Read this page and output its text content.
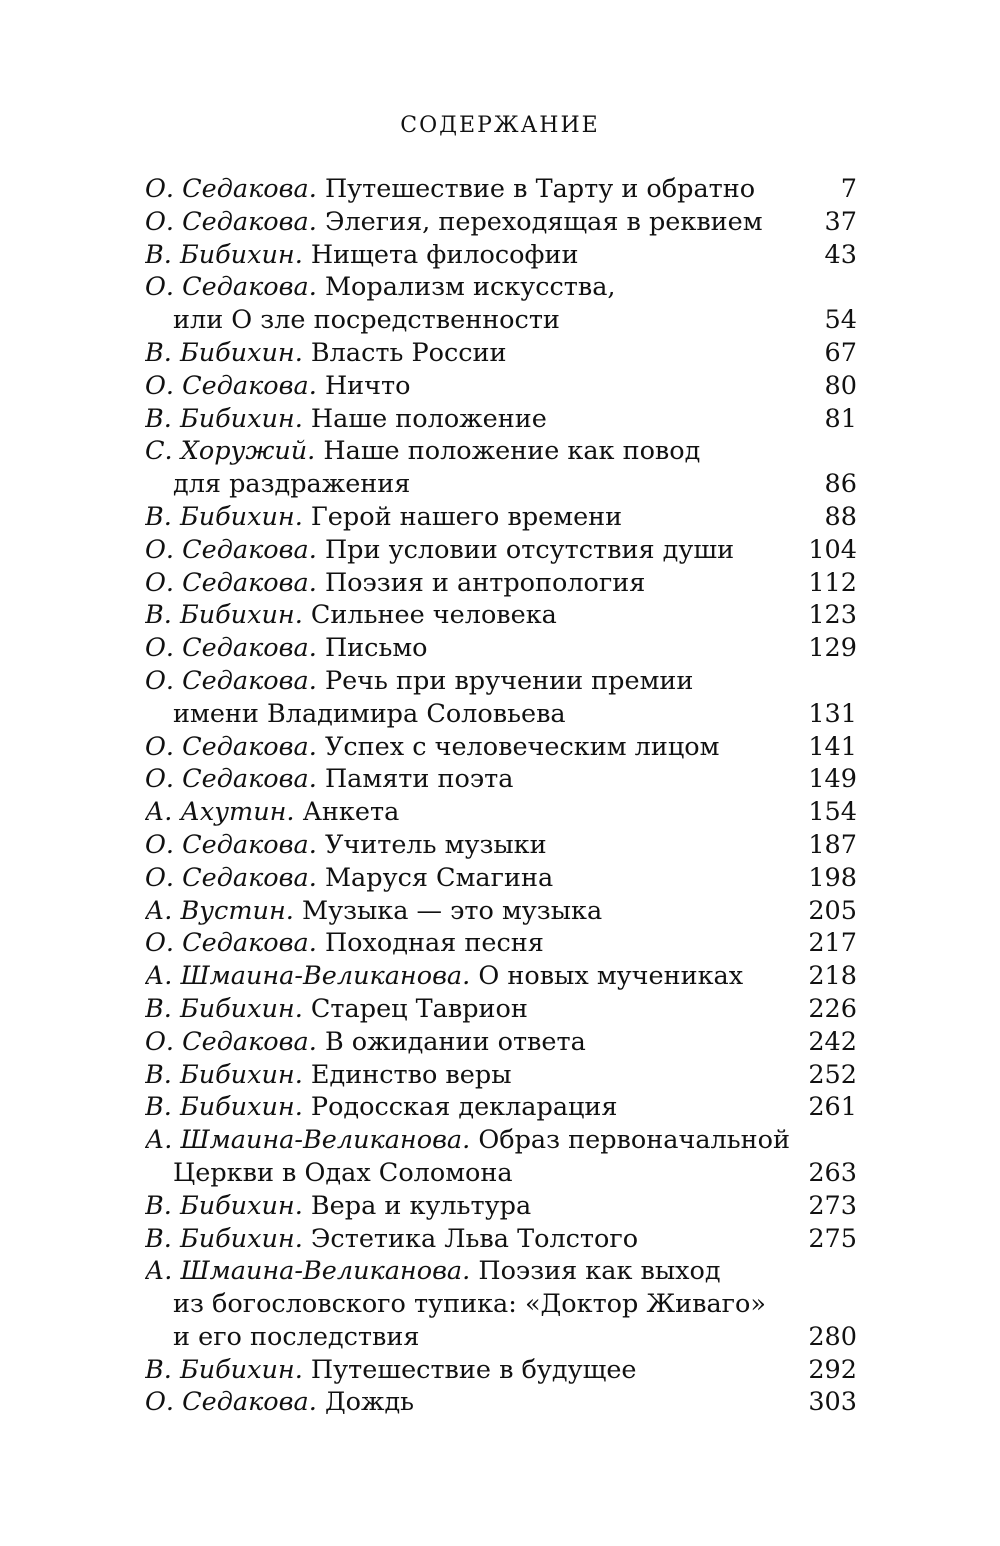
СОДЕРЖАНИЕ
О. Седакова. Путешествие в Тарту и обратно	7
О. Седакова. Элегия, переходящая в реквием	37
В. Бибихин. Нищета философии	43
О. Седакова. Морализм искусства,
или О зле посредственности	54
В. Бибихин. Власть России	67
О. Седакова. Ничто	80
В. Бибихин. Наше положение	81
С. Хоружий. Наше положение как повод
для раздражения	86
В. Бибихин. Герой нашего времени	88
О. Седакова. При условии отсутствия души	104
О. Седакова. Поэзия и антропология	112
В. Бибихин. Сильнее человека	123
О. Седакова. Письмо	129
О. Седакова. Речь при вручении премии
имени Владимира Соловьева	131
О. Седакова. Успех с человеческим лицом	141
О. Седакова. Памяти поэта	149
А. Ахутин. Анкета	154
О. Седакова. Учитель музыки	187
О. Седакова. Маруся Смагина	198
А. Вустин. Музыка — это музыка	205
О. Седакова. Походная песня	217
А. Шмаина-Великанова. О новых мучениках	218
В. Бибихин. Старец Таврион	226
О. Седакова. В ожидании ответа	242
В. Бибихин. Единство веры	252
В. Бибихин. Родосская декларация	261
А. Шмаина-Великанова. Образ первоначальной
Церкви в Одах Соломона	263
В. Бибихин. Вера и культура	273
В. Бибихин. Эстетика Льва Толстого	275
А. Шмаина-Великанова. Поэзия как выход
из богословского тупика: «Доктор Живаго»
и его последствия	280
В. Бибихин. Путешествие в будущее	292
О. Седакова. Дождь	303
